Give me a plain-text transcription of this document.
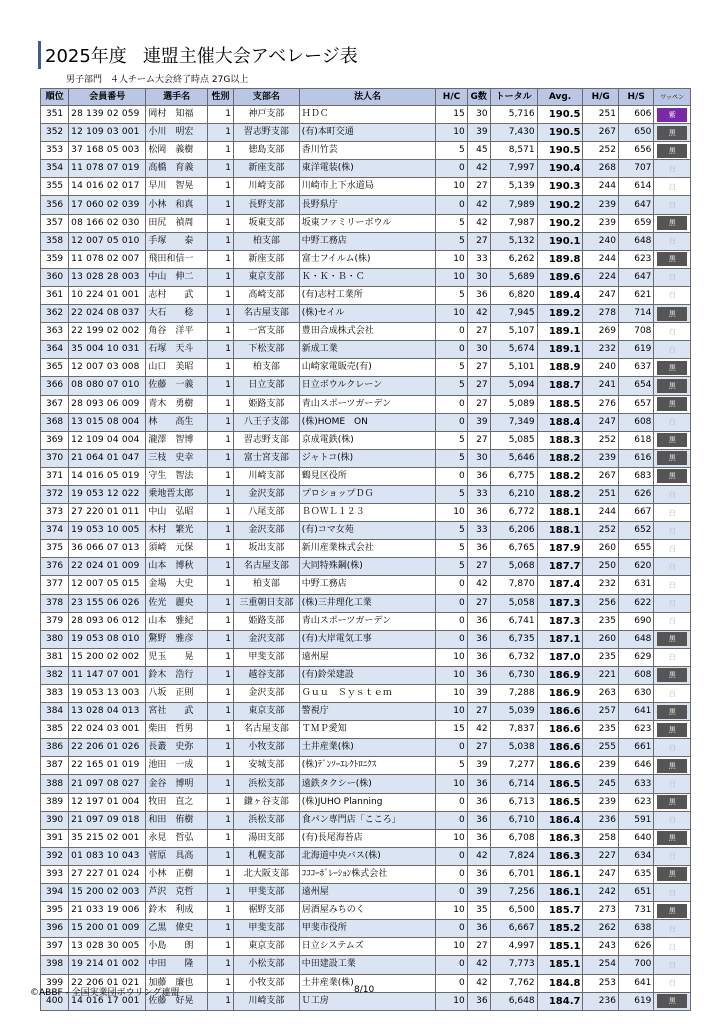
2025年度 連盟主催大会アベレージ表
男子部門 ４人チーム大会終了時点 27G以上
順位	会員番号	選手名	性別	支部名	法人名	H/C	G数	トータル	Avg.	H/G	H/S	ワッペン
351	28 139 02 059	岡村　知福	1	神戸支部	ＨＤＣ	15	30	5,716	190.5	251	606	紫

352	12 109 03 001	小川　明宏	1	習志野支部	(有)本町交通	10	39	7,430	190.5	267	650	黒

353	37 168 05 003	松岡　義樹	1	徳島支部	香川竹芸	5	45	8,571	190.5	252	656	黒

354	11 078 07 019	高橋　育義	1	新座支部	東洋電装(株)	0	42	7,997	190.4	268	707	白

355	14 016 02 017	早川　智晃	1	川崎支部	川崎市上下水道局	10	27	5,139	190.3	244	614	白

356	17 060 02 039	小林　和真	1	長野支部	長野県庁	0	42	7,989	190.2	239	647	白

357	08 166 02 030	田尻　禎周	1	坂東支部	坂東ファミリーボウル	5	42	7,987	190.2	239	659	黒

358	12 007 05 010	手塚　　泰	1	柏支部	中野工務店	5	27	5,132	190.1	240	648	白

359	11 078 02 007	飛田和信一	1	新座支部	富士フイルム(株)	10	33	6,262	189.8	244	623	黒

360	13 028 28 003	中山　伸二	1	東京支部	Ｋ・Ｋ・Ｂ・Ｃ	10	30	5,689	189.6	224	647	白

361	10 224 01 001	志村　　武	1	高崎支部	(有)志村工業所	5	36	6,820	189.4	247	621	白

362	22 024 08 037	大石　　稔	1	名古屋支部	(株)セイル	10	42	7,945	189.2	278	714	黒

363	22 199 02 002	角谷　洋平	1	一宮支部	豊田合成株式会社	0	27	5,107	189.1	269	708	白

364	35 004 10 031	石塚　天斗	1	下松支部	新成工業	0	30	5,674	189.1	232	619	白

365	12 007 03 008	山口　美昭	1	柏支部	山崎家電販売(有)	5	27	5,101	188.9	240	637	黒

366	08 080 07 010	佐藤　一義	1	日立支部	日立ボウルクレーン	5	27	5,094	188.7	241	654	黒

367	28 093 06 009	青木　勇樹	1	姫路支部	青山スポーツガーデン	0	27	5,089	188.5	276	657	黒

368	13 015 08 004	林　　高生	1	八王子支部	(株)HOME　ON	0	39	7,349	188.4	247	608	白

369	12 109 04 004	瀧澤　智博	1	習志野支部	京成電鉄(株)	5	27	5,085	188.3	252	618	黒

370	21 064 01 047	三枝　史幸	1	富士宮支部	ジャトコ(株)	5	30	5,646	188.2	239	616	黒

371	14 016 05 019	守生　智法	1	川崎支部	鶴見区役所	0	36	6,775	188.2	267	683	黒

372	19 053 12 022	乗地晋太郎	1	金沢支部	プロショップＤＧ	5	33	6,210	188.2	251	626	白

373	27 220 01 011	中山　弘昭	1	八尾支部	ＢＯＷＬ１２３	10	36	6,772	188.1	244	667	白

374	19 053 10 005	木村　繁光	1	金沢支部	(有)コマ女苑	5	33	6,206	188.1	252	652	白

375	36 066 07 013	須崎　元保	1	坂出支部	新川産業株式会社	5	36	6,765	187.9	260	655	白

376	22 024 01 009	山本　博秋	1	名古屋支部	大同特殊鋼(株)	5	27	5,068	187.7	250	620	白

377	12 007 05 015	金場　大史	1	柏支部	中野工務店	0	42	7,870	187.4	232	631	白

378	23 155 06 026	佐光　麗央	1	三重朝日支部	(株)三井理化工業	0	27	5,058	187.3	256	622	白

379	28 093 06 012	山本　雅紀	1	姫路支部	青山スポーツガーデン	0	36	6,741	187.3	235	690	白

380	19 053 08 010	驚野　雅彦	1	金沢支部	(有)大岸電気工事	0	36	6,735	187.1	260	648	黒

381	15 200 02 002	児玉　　晃	1	甲斐支部	遠州屋	10	36	6,732	187.0	235	629	白

382	11 147 07 001	鈴木　浩行	1	越谷支部	(有)鈴栄建設	10	36	6,730	186.9	221	608	黒

383	19 053 13 003	八坂　正則	1	金沢支部	Ｇｕｕ　Ｓｙｓｔｅｍ	10	39	7,288	186.9	263	630	白

384	13 028 04 013	宮社　　武	1	東京支部	警視庁	10	27	5,039	186.6	257	641	黒

385	22 024 03 001	柴田　哲男	1	名古屋支部	ＴＭＰ愛知	15	42	7,837	186.6	235	623	黒

386	22 206 01 026	長叢　史弥	1	小牧支部	土井産業(株)	0	27	5,038	186.6	255	661	白

387	22 165 01 019	池田　一成	1	安城支部	(株)ﾃﾞﾝｿｰｴﾚｸﾄﾛﾆｸｽ	5	39	7,277	186.6	239	646	黒

388	21 097 08 027	金谷　博明	1	浜松支部	遠鉄タクシー(株)	10	36	6,714	186.5	245	633	白

389	12 197 01 004	牧田　直之	1	鎌ヶ谷支部	(株)JUHO Planning	0	36	6,713	186.5	239	623	黒

390	21 097 09 018	和田　侑樹	1	浜松支部	食パン専門店「こころ」	0	36	6,710	186.4	236	591	白

391	35 215 02 001	永見　哲弘	1	湯田支部	(有)長尾海苔店	10	36	6,708	186.3	258	640	黒

392	01 083 10 043	菅原　具高	1	札幌支部	北海道中央バス(株)	0	42	7,824	186.3	227	634	白

393	27 227 01 024	小林　正樹	1	北大阪支部	ｺｺｺｰﾎﾟﾚｰｼｮﾝ株式会社	0	36	6,701	186.1	247	635	黒

394	15 200 02 003	芦沢　克哲	1	甲斐支部	遠州屋	0	39	7,256	186.1	242	651	白

395	21 033 19 006	鈴木　利成	1	裾野支部	居酒屋みちのく	10	35	6,500	185.7	273	731	黒

396	15 200 01 009	乙黒　偉史	1	甲斐支部	甲斐市役所	0	36	6,667	185.2	262	638	白

397	13 028 30 005	小島　　朗	1	東京支部	日立システムズ	10	27	4,997	185.1	243	626	白

398	19 214 01 002	中田　　隆	1	小松支部	中田建設工業	0	42	7,773	185.1	254	700	白

399	22 206 01 021	加藤　廉也	1	小牧支部	土井産業(株)	0	42	7,762	184.8	253	641	白

400	14 016 17 001	佐藤　好晃	1	川崎支部	Ｕ工房	10	36	6,648	184.7	236	619	黒
©ABBF - 全国実業団ボウリング連盟	8/10
